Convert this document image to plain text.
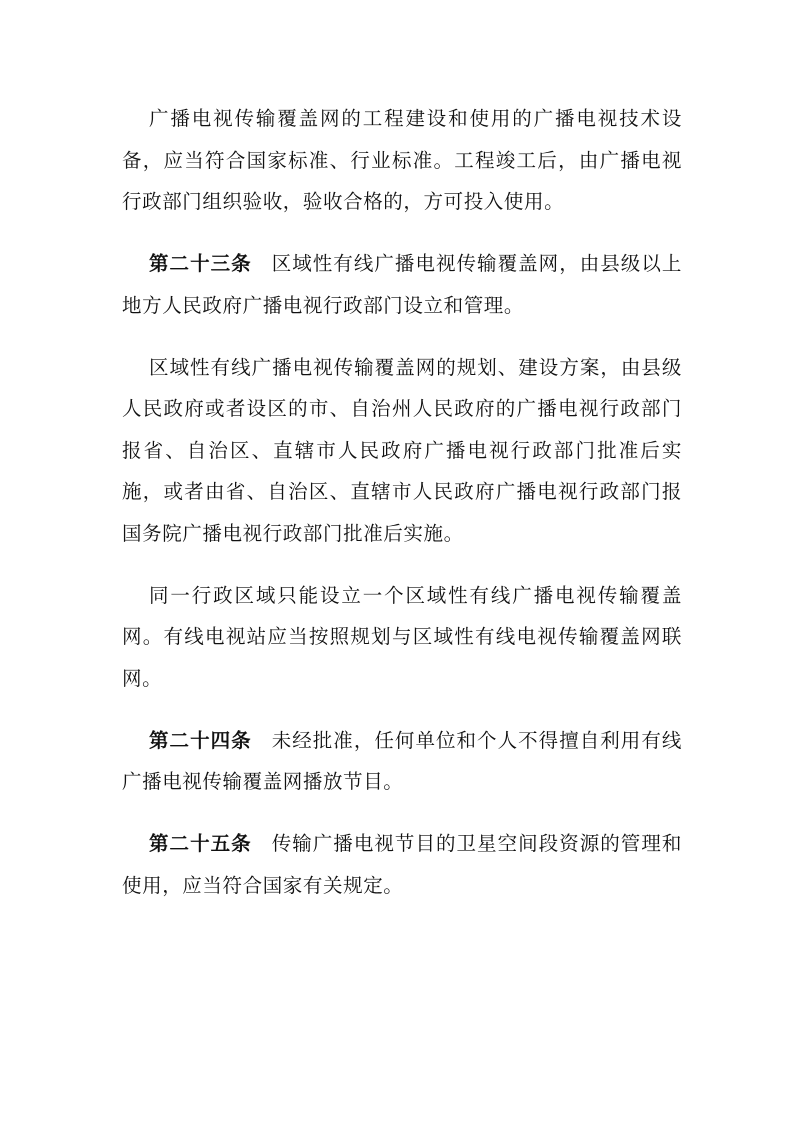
广播电视传输覆盖网的工程建设和使用的广播电视技术设备，应当符合国家标准、行业标准。工程竣工后，由广播电视行政部门组织验收，验收合格的，方可投入使用。

第二十三条 区域性有线广播电视传输覆盖网，由县级以上地方人民政府广播电视行政部门设立和管理。

区域性有线广播电视传输覆盖网的规划、建设方案，由县级人民政府或者设区的市、自治州人民政府的广播电视行政部门报省、自治区、直辖市人民政府广播电视行政部门批准后实施，或者由省、自治区、直辖市人民政府广播电视行政部门报国务院广播电视行政部门批准后实施。

同一行政区域只能设立一个区域性有线广播电视传输覆盖网。有线电视站应当按照规划与区域性有线电视传输覆盖网联网。

第二十四条 未经批准，任何单位和个人不得擅自利用有线广播电视传输覆盖网播放节目。

第二十五条 传输广播电视节目的卫星空间段资源的管理和使用，应当符合国家有关规定。
